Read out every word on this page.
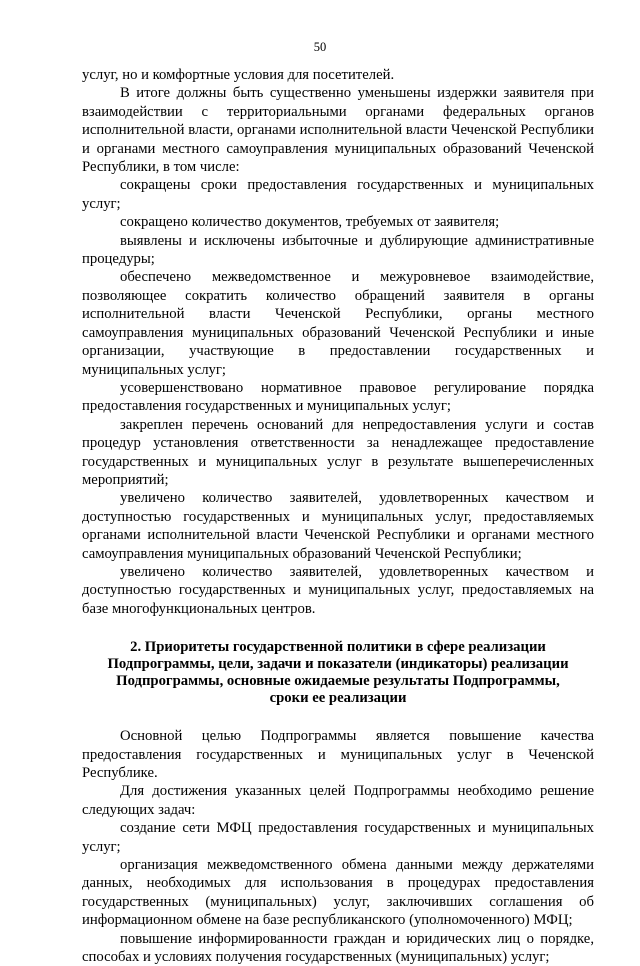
50

услуг, но и комфортные условия для посетителей.

В итоге должны быть существенно уменьшены издержки заявителя при взаимодействии с территориальными органами федеральных органов исполнительной власти, органами исполнительной власти Чеченской Республики и органами местного самоуправления муниципальных образований Чеченской Республики, в том числе:

сокращены сроки предоставления государственных и муниципальных услуг;

сокращено количество документов, требуемых от заявителя;

выявлены и исключены избыточные и дублирующие административные процедуры;

обеспечено межведомственное и межуровневое взаимодействие, позволяющее сократить количество обращений заявителя в органы исполнительной власти Чеченской Республики, органы местного самоуправления муниципальных образований Чеченской Республики и иные организации, участвующие в предоставлении государственных и муниципальных услуг;

усовершенствовано нормативное правовое регулирование порядка предоставления государственных и муниципальных услуг;

закреплен перечень оснований для непредоставления услуги и состав процедур установления ответственности за ненадлежащее предоставление государственных и муниципальных услуг в результате вышеперечисленных мероприятий;

увеличено количество заявителей, удовлетворенных качеством и доступностью государственных и муниципальных услуг, предоставляемых органами исполнительной власти Чеченской Республики и органами местного самоуправления муниципальных образований Чеченской Республики;

увеличено количество заявителей, удовлетворенных качеством и доступностью государственных и муниципальных услуг, предоставляемых на базе многофункциональных центров.

2. Приоритеты государственной политики в сфере реализации
Подпрограммы, цели, задачи и показатели (индикаторы) реализации
Подпрограммы, основные ожидаемые результаты Подпрограммы,
сроки ее реализации

Основной целью Подпрограммы является повышение качества предоставления государственных и муниципальных услуг в Чеченской Республике.

Для достижения указанных целей Подпрограммы необходимо решение следующих задач:

создание сети МФЦ предоставления государственных и муниципальных услуг;

организация межведомственного обмена данными между держателями данных, необходимых для использования в процедурах предоставления государственных (муниципальных) услуг, заключивших соглашения об информационном обмене на базе республиканского (уполномоченного) МФЦ;

повышение информированности граждан и юридических лиц о порядке, способах и условиях получения государственных (муниципальных) услуг;
